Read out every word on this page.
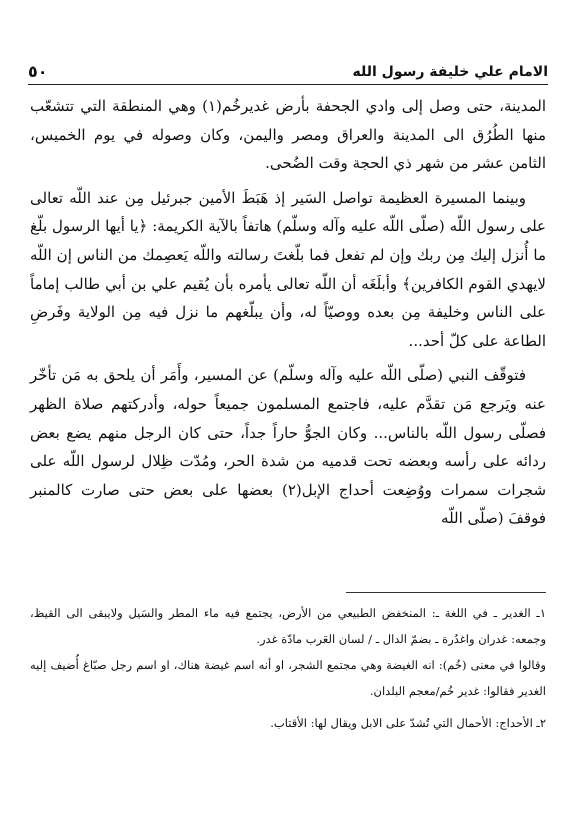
الامام علي خليفة رسول الله
٥٠

المدينة، حتى وصل إلى وادي الجحفة بأرض غديرخُم(١) وهي المنطقة التي تتشعّب منها الطُرُق الى المدينة والعراق ومصر واليمن، وكان وصوله في يوم الخميس، الثامن عشر من شهر ذي الحجة وقت الضُحى.

وبينما المسيرة العظيمة تواصل السَير إذ هَبَطَ الأمين جبرئيل مِن عند اللّه تعالى على رسول اللّه (صلّى اللّه عليه وآله وسلّم) هاتفاً بالآية الكريمة: ﴿يا أيها الرسول بلّغ ما أُنزل إليك مِن ربك وإن لم تفعل فما بلّغتَ رسالته واللّه يَعصِمك من الناس إن اللّه لايهدي القوم الكافرين﴾ وأبلَغَه أن اللّه تعالى يأمره بأن يُقيم علي بن أبي طالب إماماً على الناس وخليفة مِن بعده ووصيّاً له، وأن يبلّغهم ما نزل فيه مِن الولاية وفَرضِ الطاعة على كلّ أحد...

فتوقّف النبي (صلّى اللّه عليه وآله وسلّم) عن المسير، وأَمَر أن يلحق به مَن تأخّر عنه ويَرجع مَن تقدَّم عليه، فاجتمع المسلمون جميعاً حوله، وأدركتهم صلاة الظهر فصلّى رسول اللّه بالناس... وكان الجوُّ حاراً جداً، حتى كان الرجل منهم يضع بعض ردائه على رأسه وبعضه تحت قدميه من شدة الحر، ومُدّت ظِلال لرسول اللّه على شجرات سمرات ووُضِعت أحداج الإبل(٢) بعضها على بعض حتى صارت كالمنبر فوقفَ (صلّى اللّه

١ـ الغدير ـ في اللغة ـ: المنخفض الطبيعي من الأرض، يجتمع فيه ماء المطر والسَيل ولايبقى الى القيظ، وجمعه: غدران واغدُرة ـ بضمّ الدال ـ / لسان العَرب مادّة غدر.

وقالوا في معنى (خُم): انه الغيضة وهي مجتمع الشجر، او أنه اسم غيضة هناك، او اسم رجل صبّاغ أُضيف إليه الغدير فقالوا: غدير خُم/معجم البلدان.

٢ـ الأحداج: الأحمال التي تُشدّ على الابل ويقال لها: الأقتاب.
